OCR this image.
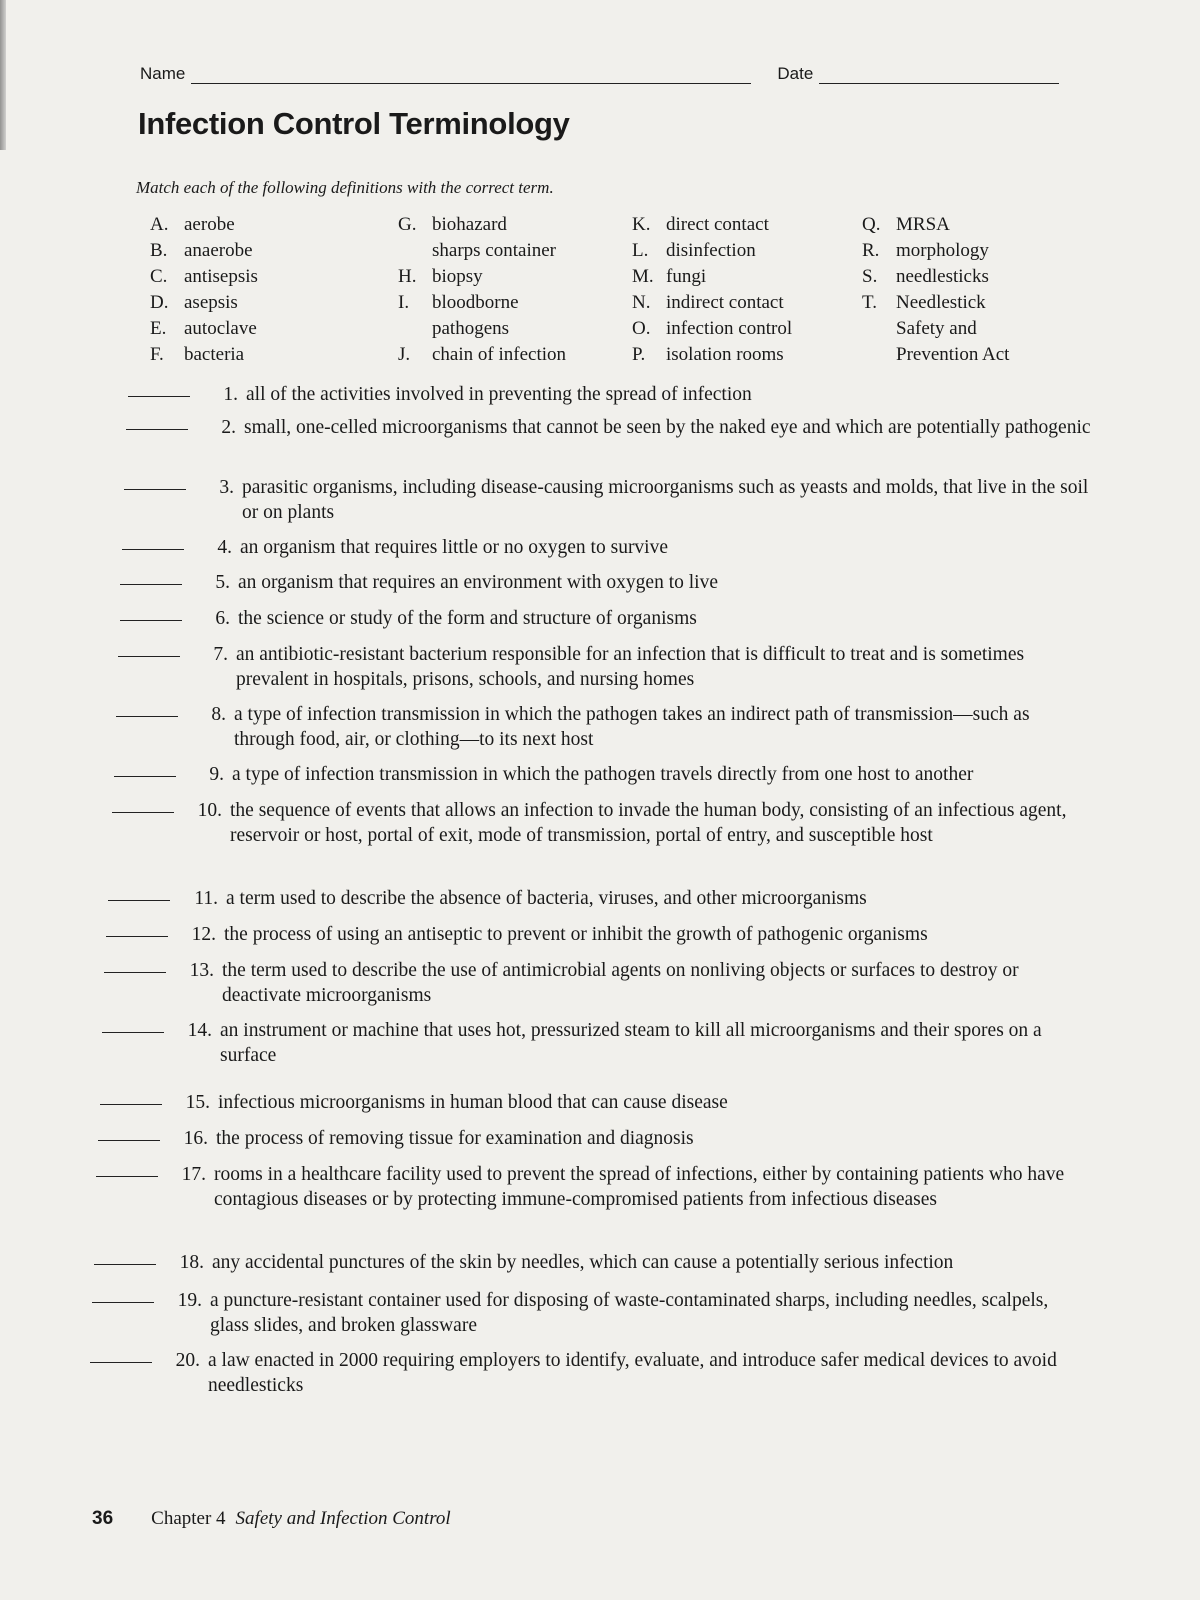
Name	Date
Infection Control Terminology
Match each of the following definitions with the correct term.
A. aerobe
B. anaerobe
C. antisepsis
D. asepsis
E. autoclave
F.	bacteria
G. biohazard
sharps container
H. biopsy
I.	bloodborne
pathogens
J.	chain of infection
K. direct contact
L. disinfection
M. fungi
N. indirect contact
O. infection control
P.	isolation rooms
Q. MRSA
R. morphology
S. needlesticks
T.	Needlestick
Safety and
Prevention Act
1. all of the activities involved in preventing the spread of infection
2. small, one-celled microorganisms that cannot be seen by the naked eye and which are potentially pathogenic
3. parasitic organisms, including disease-causing microorganisms such as yeasts and molds, that live in the soil or on plants
4. an organism that requires little or no oxygen to survive
5. an organism that requires an environment with oxygen to live
6. the science or study of the form and structure of organisms
7. an antibiotic-resistant bacterium responsible for an infection that is difficult to treat and is sometimes prevalent in hospitals, prisons, schools, and nursing homes
8. a type of infection transmission in which the pathogen takes an indirect path of transmission—such as through food, air, or clothing—to its next host
9. a type of infection transmission in which the pathogen travels directly from one host to another
10. the sequence of events that allows an infection to invade the human body, consisting of an infectious agent, reservoir or host, portal of exit, mode of transmission, portal of entry, and susceptible host
11. a term used to describe the absence of bacteria, viruses, and other microorganisms
12. the process of using an antiseptic to prevent or inhibit the growth of pathogenic organisms
13. the term used to describe the use of antimicrobial agents on nonliving objects or surfaces to destroy or deactivate microorganisms
14. an instrument or machine that uses hot, pressurized steam to kill all microorganisms and their spores on a surface
15. infectious microorganisms in human blood that can cause disease
16. the process of removing tissue for examination and diagnosis
17. rooms in a healthcare facility used to prevent the spread of infections, either by containing patients who have contagious diseases or by protecting immune-compromised patients from infectious diseases
18. any accidental punctures of the skin by needles, which can cause a potentially serious infection
19. a puncture-resistant container used for disposing of waste-contaminated sharps, including needles, scalpels, glass slides, and broken glassware
20. a law enacted in 2000 requiring employers to identify, evaluate, and introduce safer medical devices to avoid needlesticks
36 Chapter 4 Safety and Infection Control
